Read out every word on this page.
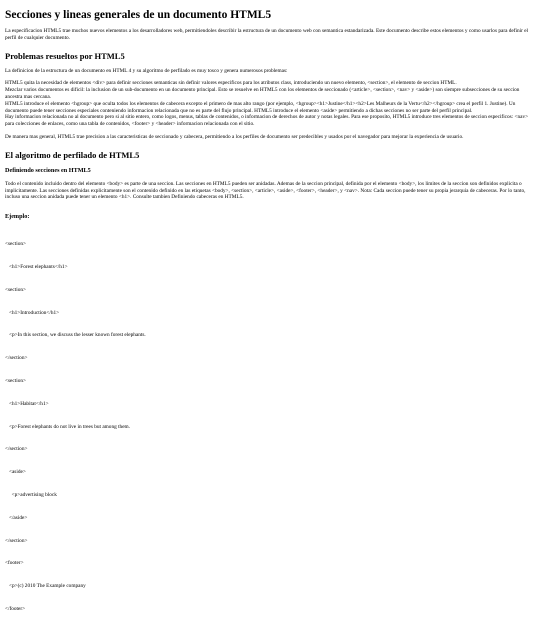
Secciones y lineas generales de un documento HTML5

La especificacion HTML5 trae muchos nuevos elementos a los desarrolladores web, permitiendoles describir la estructura de un documento web con semantica estandarizada. Este documento describe estos elementos y como usarlos para definir el perfil de cualquier documento.

Problemas resueltos por HTML5

La definicion de la estructura de un documento en HTML 4 y su algoritmo de perfilado es muy tosco y genera numerosos problemas:

HTML5 quita la necesidad de elementos <div> para definir secciones semanticas sin definir valores especificos para los atributos class, introduciendo un nuevo elemento, <section>, el elemento de seccion HTML.

Mezclar varios documentos es dificil: la inclusion de un sub-documento en un documento principal. Esto se resuelve en HTML5 con los elementos de seccionado (<article>, <section>, <nav> y <aside>) son siempre subsecciones de su seccion ancestra mas cercana.

HTML5 introduce el elemento <hgroup> que oculta todos los elementos de cabecera excepto el primero de mas alto rango (por ejemplo, <hgroup><h1>Justine</h1><h2>Les Malheurs de la Vertu</h2></hgroup> crea el perfil 1. Justine). Un documento puede tener secciones especiales conteniendo informacion relacionada que no es parte del flujo principal. HTML5 introduce el elemento <aside> permitiendo a dichas secciones no ser parte del perfil principal.

Hay informacion relacionada no al documento pero si al sitio entero, como logos, menus, tablas de contenidos, o informacion de derechos de autor y notas legales. Para ese proposito, HTML5 introduce tres elementos de seccion especificos: <nav> para colecciones de enlaces, como una tabla de contenidos, <footer> y <header> informacion relacionada con el sitio.

De manera mas general, HTML5 trae precision a las caracteristicas de seccionado y cabecera, permitiendo a los perfiles de documento ser predecibles y usados por el navegador para mejorar la experiencia de usuario.

El algoritmo de perfilado de HTML5
Definiendo secciones en HTML5

Todo el contenido incluido dentro del elemento <body> es parte de una seccion. Las secciones en HTML5 pueden ser anidadas. Ademas de la seccion principal, definida por el elemento <body>, los limites de la seccion son definidos explicita o implicitamente. Las secciones definidas explicitamente son el contenido definido en las etiquetas <body>, <section>, <article>, <aside>, <footer>, <header>, y <nav>. Nota: Cada seccion puede tener su propia jerarquia de cabeceras. Por lo tanto, incluso una seccion anidada puede tener un elemento <h1>. Consulte tambien Definiendo cabeceras en HTML5.

Ejemplo:

<section>

<h1>Forest elephants</h1>

<section>

<h1>Introduction</h1>

<p>In this section, we discuss the lesser known forest elephants.

</section>

<section>

<h1>Habitat</h1>

<p>Forest elephants do not live in trees but among them.

</section>

<aside>

<p>advertising block

</aside>

</section>

<footer>

<p>(c) 2010 The Example company

</footer>
